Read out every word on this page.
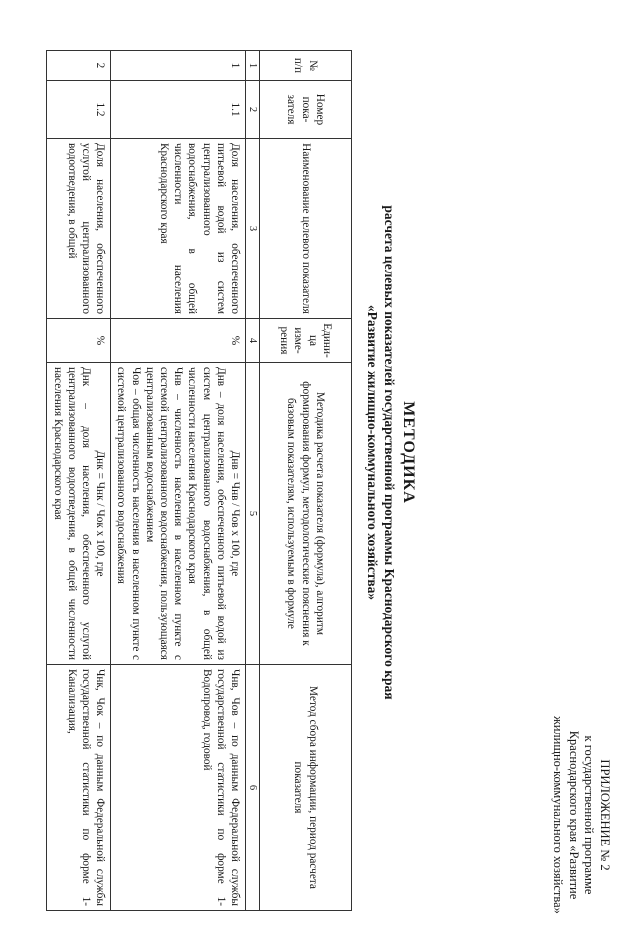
ПРИЛОЖЕНИЕ № 2
к государственной программе
Краснодарского края «Развитие
жилищно-коммунального хозяйства»
МЕТОДИКА
расчета целевых показателей государственной программы Краснодарского края
«Развитие жилищно-коммунального хозяйства»
№ п/п	Номер пока-зателя	Наименование целевого показателя	Едини-ца изме-рения	Методика расчета показателя (формула), алгоритм формирования формул, методологические пояснения к базовым показателям, используемым в формуле	Метод сбора информации, период расчета показателя
1	2	3	4	5	6
1	1.1	Доля населения, обеспеченного питьевой водой из систем централизованного водоснабжения, в общей численности населения Краснодарского края	%	Днв = Чнв / Чов x 100, где
Днв – доля населения, обеспеченного питьевой водой из систем централизованного водоснабжения, в общей численности населения Краснодарского края
Чнв – численность населения в населенном пункте с системой централизованного водоснабжения, пользующаяся централизованным водоснабжением
Чов – общая численность населения в населенном пункте с системой централизованного водоснабжения	Чнв, Чов – по данным Федеральной службы государственной статистики по форме 1-Водопровод, годовой
2	1.2	Доля населения, обеспеченного услугой централизованного водоотведения, в общей	%	Днк = Чнк / Чок x 100, где
Днк – доля населения, обеспеченного услугой централизованного водоотведения, в общей численности населения Краснодарского края	Чнк, Чок – по данным Федеральной службы государственной статистики по форме 1-Канализация,
